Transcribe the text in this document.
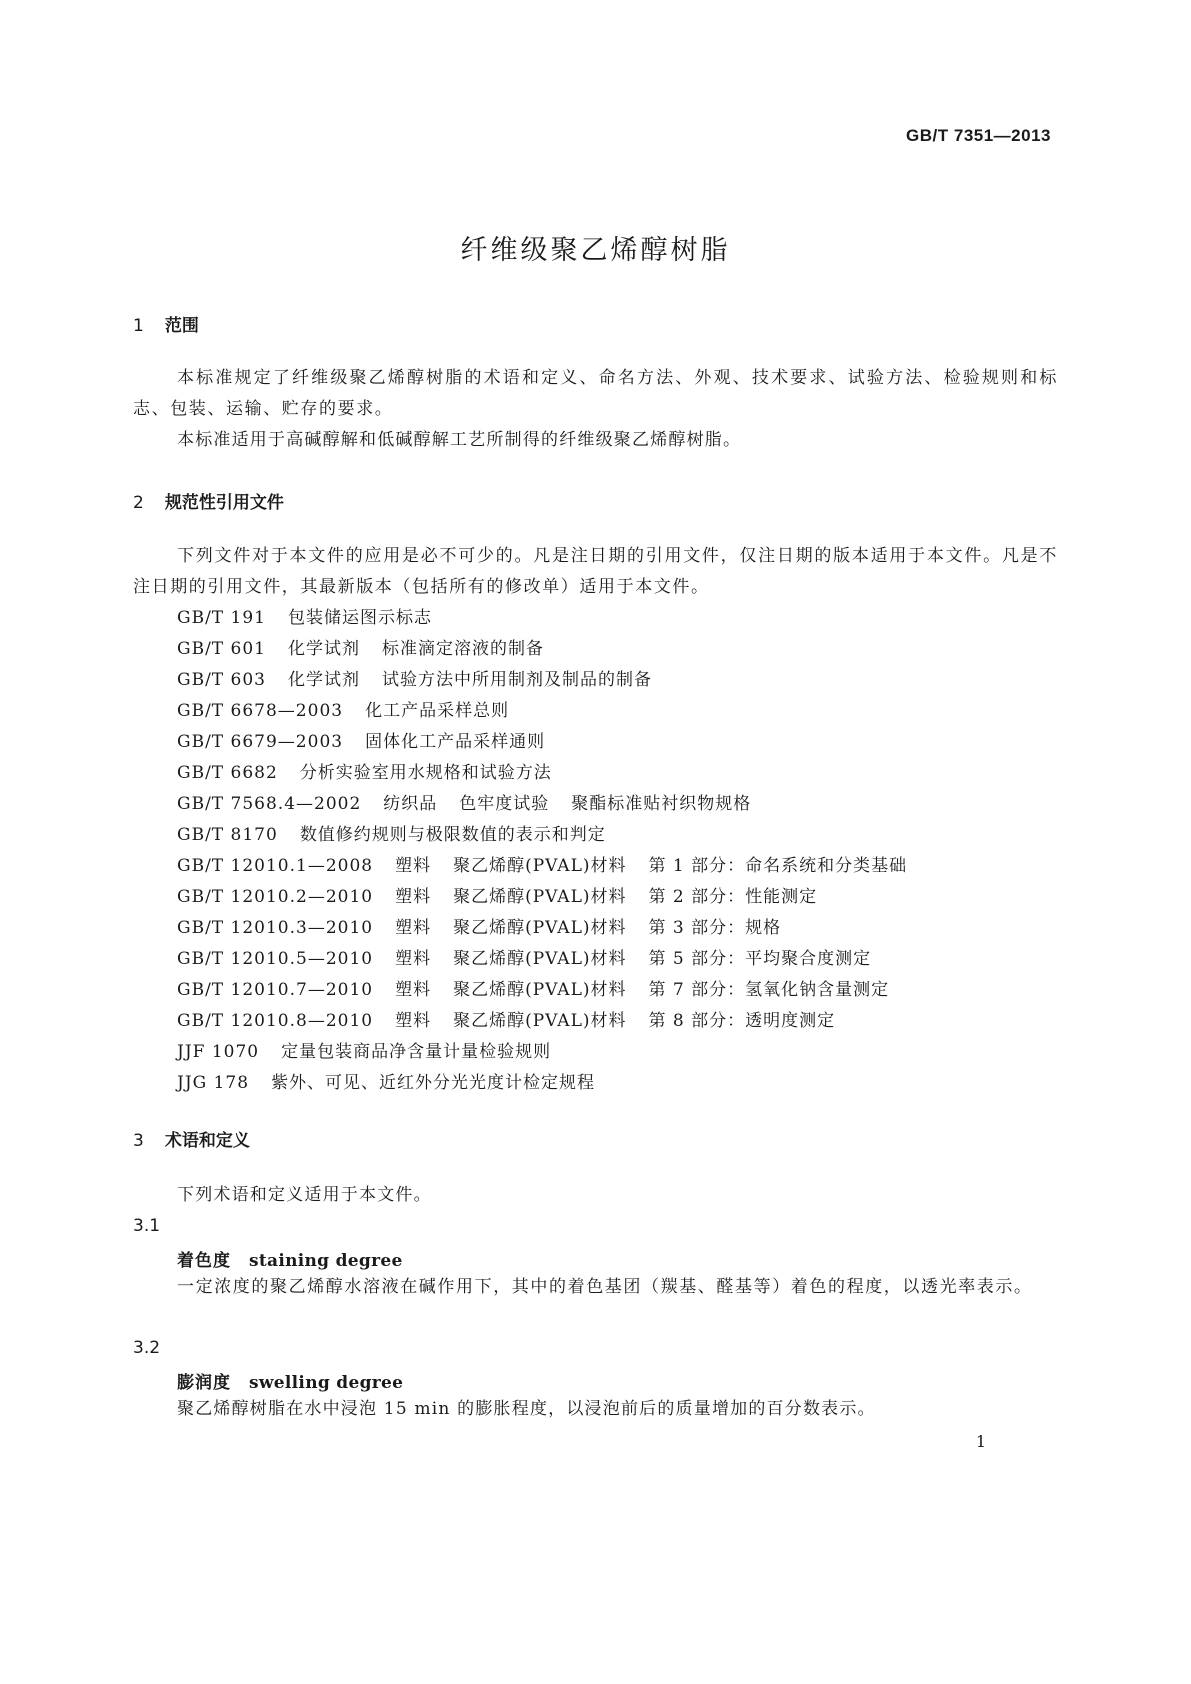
GB/T 7351—2013
纤维级聚乙烯醇树脂
1 范围
本标准规定了纤维级聚乙烯醇树脂的术语和定义、命名方法、外观、技术要求、试验方法、检验规则和标志、包装、运输、贮存的要求。
本标准适用于高碱醇解和低碱醇解工艺所制得的纤维级聚乙烯醇树脂。
2 规范性引用文件
下列文件对于本文件的应用是必不可少的。凡是注日期的引用文件，仅注日期的版本适用于本文件。凡是不注日期的引用文件，其最新版本（包括所有的修改单）适用于本文件。
GB/T 191 包装储运图示标志
GB/T 601 化学试剂 标准滴定溶液的制备
GB/T 603 化学试剂 试验方法中所用制剂及制品的制备
GB/T 6678—2003 化工产品采样总则
GB/T 6679—2003 固体化工产品采样通则
GB/T 6682 分析实验室用水规格和试验方法
GB/T 7568.4—2002 纺织品 色牢度试验 聚酯标准贴衬织物规格
GB/T 8170 数值修约规则与极限数值的表示和判定
GB/T 12010.1—2008 塑料 聚乙烯醇(PVAL)材料 第 1 部分：命名系统和分类基础
GB/T 12010.2—2010 塑料 聚乙烯醇(PVAL)材料 第 2 部分：性能测定
GB/T 12010.3—2010 塑料 聚乙烯醇(PVAL)材料 第 3 部分：规格
GB/T 12010.5—2010 塑料 聚乙烯醇(PVAL)材料 第 5 部分：平均聚合度测定
GB/T 12010.7—2010 塑料 聚乙烯醇(PVAL)材料 第 7 部分：氢氧化钠含量测定
GB/T 12010.8—2010 塑料 聚乙烯醇(PVAL)材料 第 8 部分：透明度测定
JJF 1070 定量包装商品净含量计量检验规则
JJG 178 紫外、可见、近红外分光光度计检定规程
3 术语和定义
下列术语和定义适用于本文件。
3.1
着色度 staining degree
一定浓度的聚乙烯醇水溶液在碱作用下，其中的着色基团（羰基、醛基等）着色的程度，以透光率表示。
3.2
膨润度 swelling degree
聚乙烯醇树脂在水中浸泡 15 min 的膨胀程度，以浸泡前后的质量增加的百分数表示。
1
